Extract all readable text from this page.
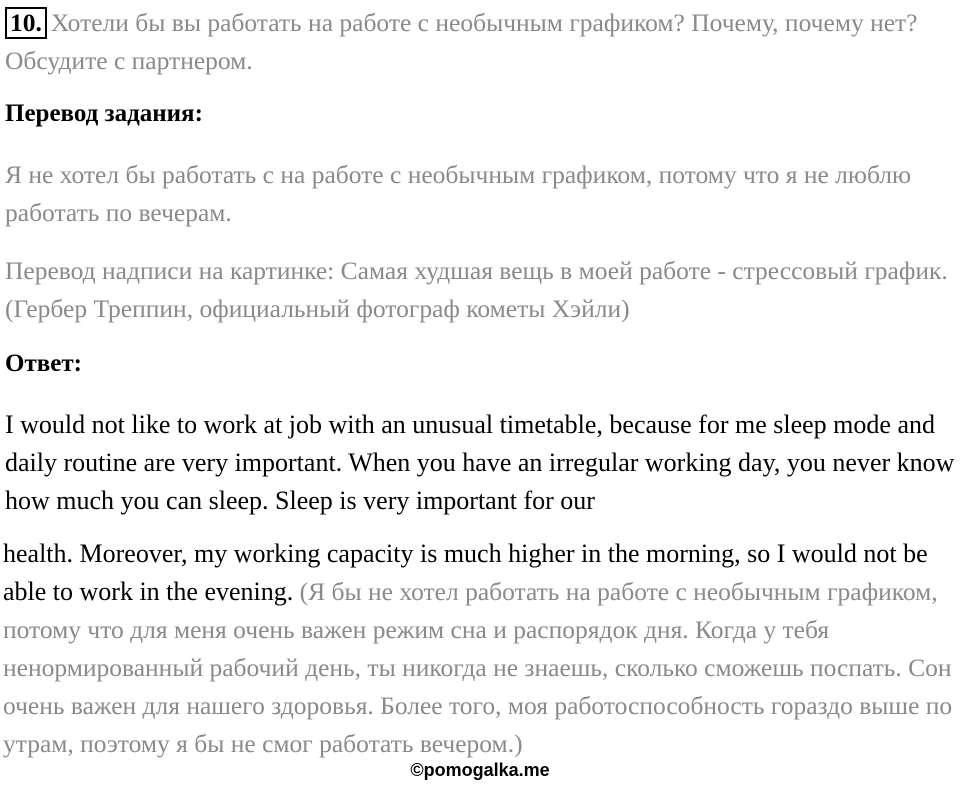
10. Хотели бы вы работать на работе с необычным графиком? Почему, почему нет? Обсудите с партнером.

Перевод задания:

Я не хотел бы работать с на работе с необычным графиком, потому что я не люблю работать по вечерам.

Перевод надписи на картинке: Самая худшая вещь в моей работе - стрессовый график. (Гербер Треппин, официальный фотограф кометы Хэйли)

Ответ:

I would not like to work at job with an unusual timetable, because for me sleep mode and daily routine are very important. When you have an irregular working day, you never know how much you can sleep. Sleep is very important for our

health. Moreover, my working capacity is much higher in the morning, so I would not be able to work in the evening. (Я бы не хотел работать на работе с необычным графиком, потому что для меня очень важен режим сна и распорядок дня. Когда у тебя ненормированный рабочий день, ты никогда не знаешь, сколько сможешь поспать. Сон очень важен для нашего здоровья. Более того, моя работоспособность гораздо выше по утрам, поэтому я бы не смог работать вечером.)

©pomogalka.me
